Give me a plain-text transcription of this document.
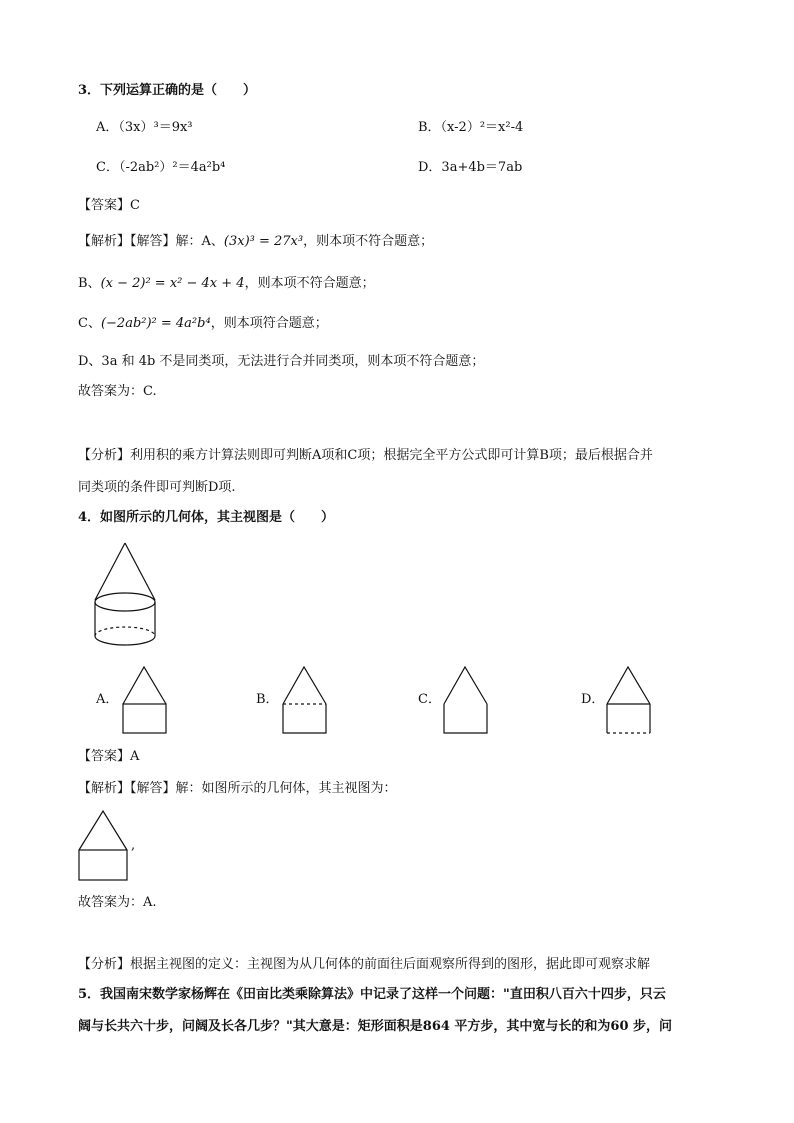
3．下列运算正确的是（　　）
A．（3x）³＝9x³	B．（x-2）²＝x²-4
C．（-2ab²）²＝4a²b⁴	D．3a+4b＝7ab
【答案】C
【解析】【解答】解：A、(3x)³ = 27x³，则本项不符合题意；
B、(x − 2)² = x² − 4x + 4，则本项不符合题意；
C、(−2ab²)² = 4a²b⁴，则本项符合题意；
D、3a 和 4b 不是同类项，无法进行合并同类项，则本项不符合题意；
故答案为：C.
【分析】利用积的乘方计算法则即可判断A项和C项；根据完全平方公式即可计算B项；最后根据合并
同类项的条件即可判断D项.
4．如图所示的几何体，其主视图是（　　）
A．	B．	C．	D．
【答案】A
【解析】【解答】解：如图所示的几何体，其主视图为：
,
故答案为：A.
【分析】根据主视图的定义：主视图为从几何体的前面往后面观察所得到的图形，据此即可观察求解
5．我国南宋数学家杨辉在《田亩比类乘除算法》中记录了这样一个问题："直田积八百六十四步，只云
阔与长共六十步，问阔及长各几步？"其大意是：矩形面积是864 平方步，其中宽与长的和为60 步，问
